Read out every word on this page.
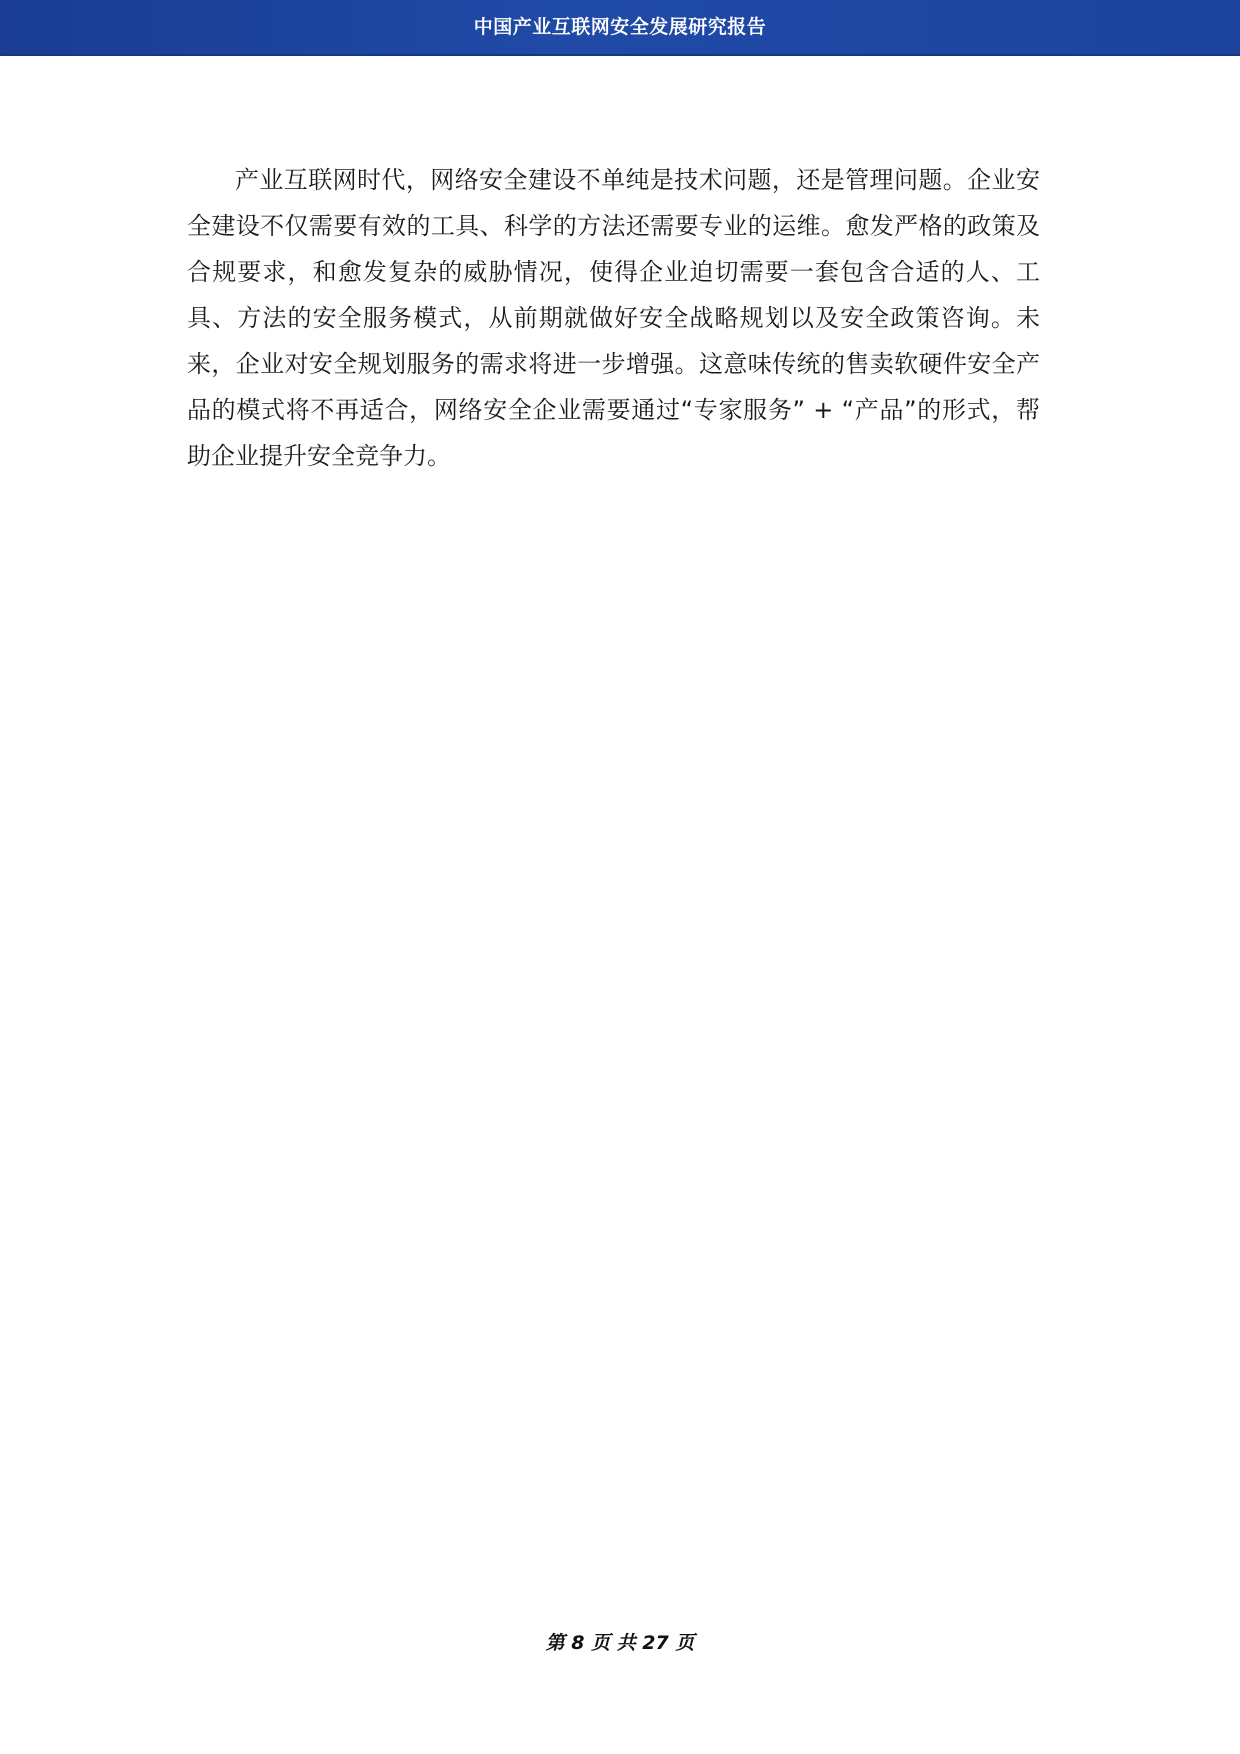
中国产业互联网安全发展研究报告

产业互联网时代，网络安全建设不单纯是技术问题，还是管理问题。企业安全建设不仅需要有效的工具、科学的方法还需要专业的运维。愈发严格的政策及合规要求，和愈发复杂的威胁情况，使得企业迫切需要一套包含合适的人、工具、方法的安全服务模式，从前期就做好安全战略规划以及安全政策咨询。未来，企业对安全规划服务的需求将进一步增强。这意味传统的售卖软硬件安全产品的模式将不再适合，网络安全企业需要通过“专家服务” + “产品”的形式，帮助企业提升安全竞争力。

第 8 页 共 27 页
